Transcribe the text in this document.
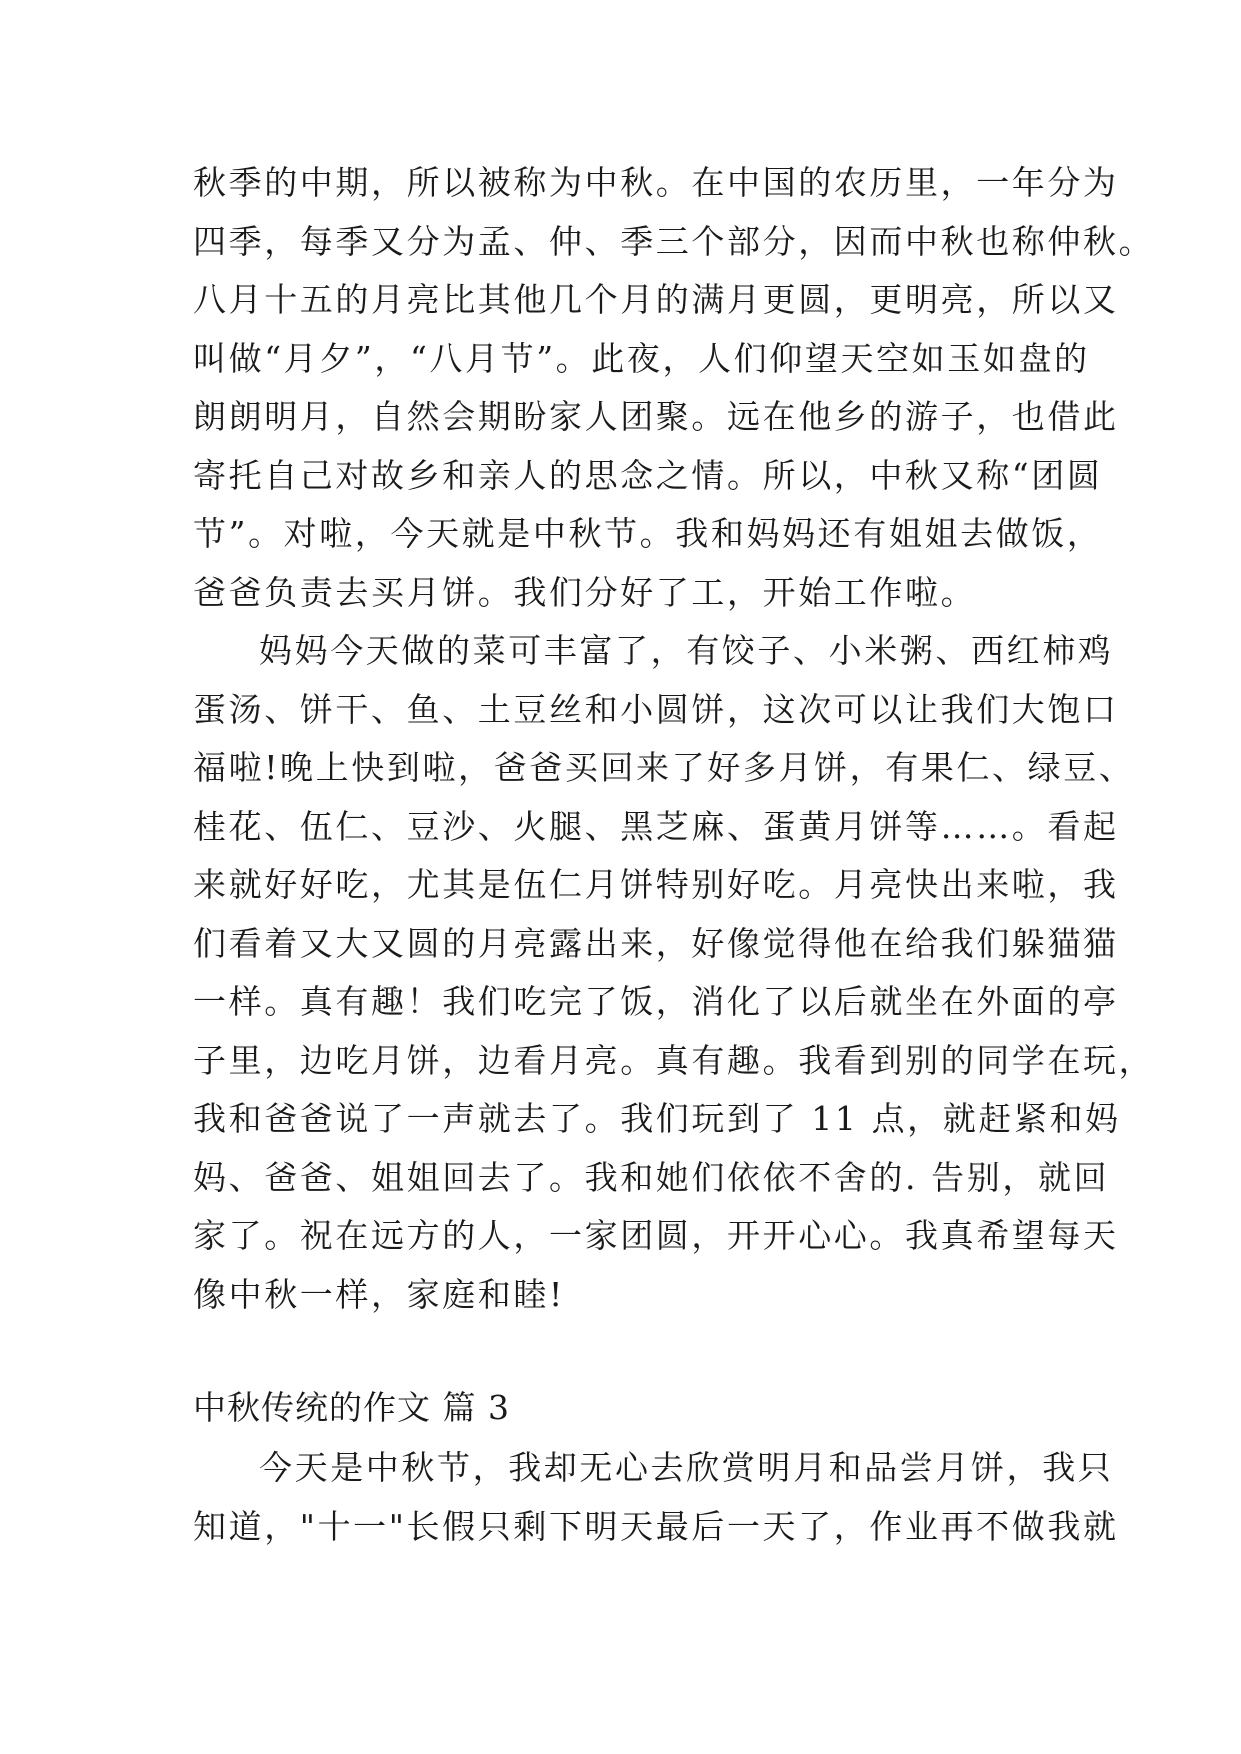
秋季的中期，所以被称为中秋。在中国的农历里，一年分为
四季，每季又分为孟、仲、季三个部分，因而中秋也称仲秋。
八月十五的月亮比其他几个月的满月更圆，更明亮，所以又
叫做“月夕”，“八月节”。此夜，人们仰望天空如玉如盘的
朗朗明月，自然会期盼家人团聚。远在他乡的游子，也借此
寄托自己对故乡和亲人的思念之情。所以，中秋又称“团圆
节”。对啦，今天就是中秋节。我和妈妈还有姐姐去做饭，
爸爸负责去买月饼。我们分好了工，开始工作啦。
妈妈今天做的菜可丰富了，有饺子、小米粥、西红柿鸡
蛋汤、饼干、鱼、土豆丝和小圆饼，这次可以让我们大饱口
福啦!晚上快到啦，爸爸买回来了好多月饼，有果仁、绿豆、
桂花、伍仁、豆沙、火腿、黑芝麻、蛋黄月饼等……。看起
来就好好吃，尤其是伍仁月饼特别好吃。月亮快出来啦，我
们看着又大又圆的月亮露出来，好像觉得他在给我们躲猫猫
一样。真有趣！我们吃完了饭，消化了以后就坐在外面的亭
子里，边吃月饼，边看月亮。真有趣。我看到别的同学在玩，
我和爸爸说了一声就去了。我们玩到了 11 点，就赶紧和妈
妈、爸爸、姐姐回去了。我和她们依依不舍的. 告别，就回
家了。祝在远方的人，一家团圆，开开心心。我真希望每天
像中秋一样，家庭和睦!
中秋传统的作文 篇 3
今天是中秋节，我却无心去欣赏明月和品尝月饼，我只
知道，"十一"长假只剩下明天最后一天了，作业再不做我就
